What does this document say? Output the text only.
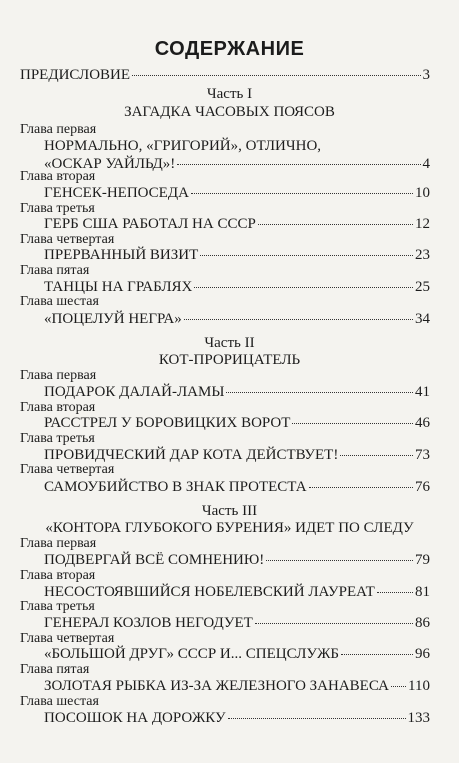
СОДЕРЖАНИЕ
ПРЕДИСЛОВИЕ	3
Часть I
ЗАГАДКА ЧАСОВЫХ ПОЯСОВ
Глава первая
НОРМАЛЬНО, «ГРИГОРИЙ», ОТЛИЧНО,
«ОСКАР УАЙЛЬД»!	4
Глава вторая
ГЕНСЕК-НЕПОСЕДА	10
Глава третья
ГЕРБ США РАБОТАЛ НА СССР	12
Глава четвертая
ПРЕРВАННЫЙ ВИЗИТ	23
Глава пятая
ТАНЦЫ НА ГРАБЛЯХ	25
Глава шестая
«ПОЦЕЛУЙ НЕГРА»	34
Часть II
КОТ-ПРОРИЦАТЕЛЬ
Глава первая
ПОДАРОК ДАЛАЙ-ЛАМЫ	41
Глава вторая
РАССТРЕЛ У БОРОВИЦКИХ ВОРОТ	46
Глава третья
ПРОВИДЧЕСКИЙ ДАР КОТА ДЕЙСТВУЕТ!	73
Глава четвертая
САМОУБИЙСТВО В ЗНАК ПРОТЕСТА	76
Часть III
«КОНТОРА ГЛУБОКОГО БУРЕНИЯ» ИДЕТ ПО СЛЕДУ
Глава первая
ПОДВЕРГАЙ ВСЁ СОМНЕНИЮ!	79
Глава вторая
НЕСОСТОЯВШИЙСЯ НОБЕЛЕВСКИЙ ЛАУРЕАТ	81
Глава третья
ГЕНЕРАЛ КОЗЛОВ НЕГОДУЕТ	86
Глава четвертая
«БОЛЬШОЙ ДРУГ» СССР И... СПЕЦСЛУЖБ	96
Глава пятая
ЗОЛОТАЯ РЫБКА ИЗ-ЗА ЖЕЛЕЗНОГО ЗАНАВЕСА 110
Глава шестая
ПОСОШОК НА ДОРОЖКУ	133
